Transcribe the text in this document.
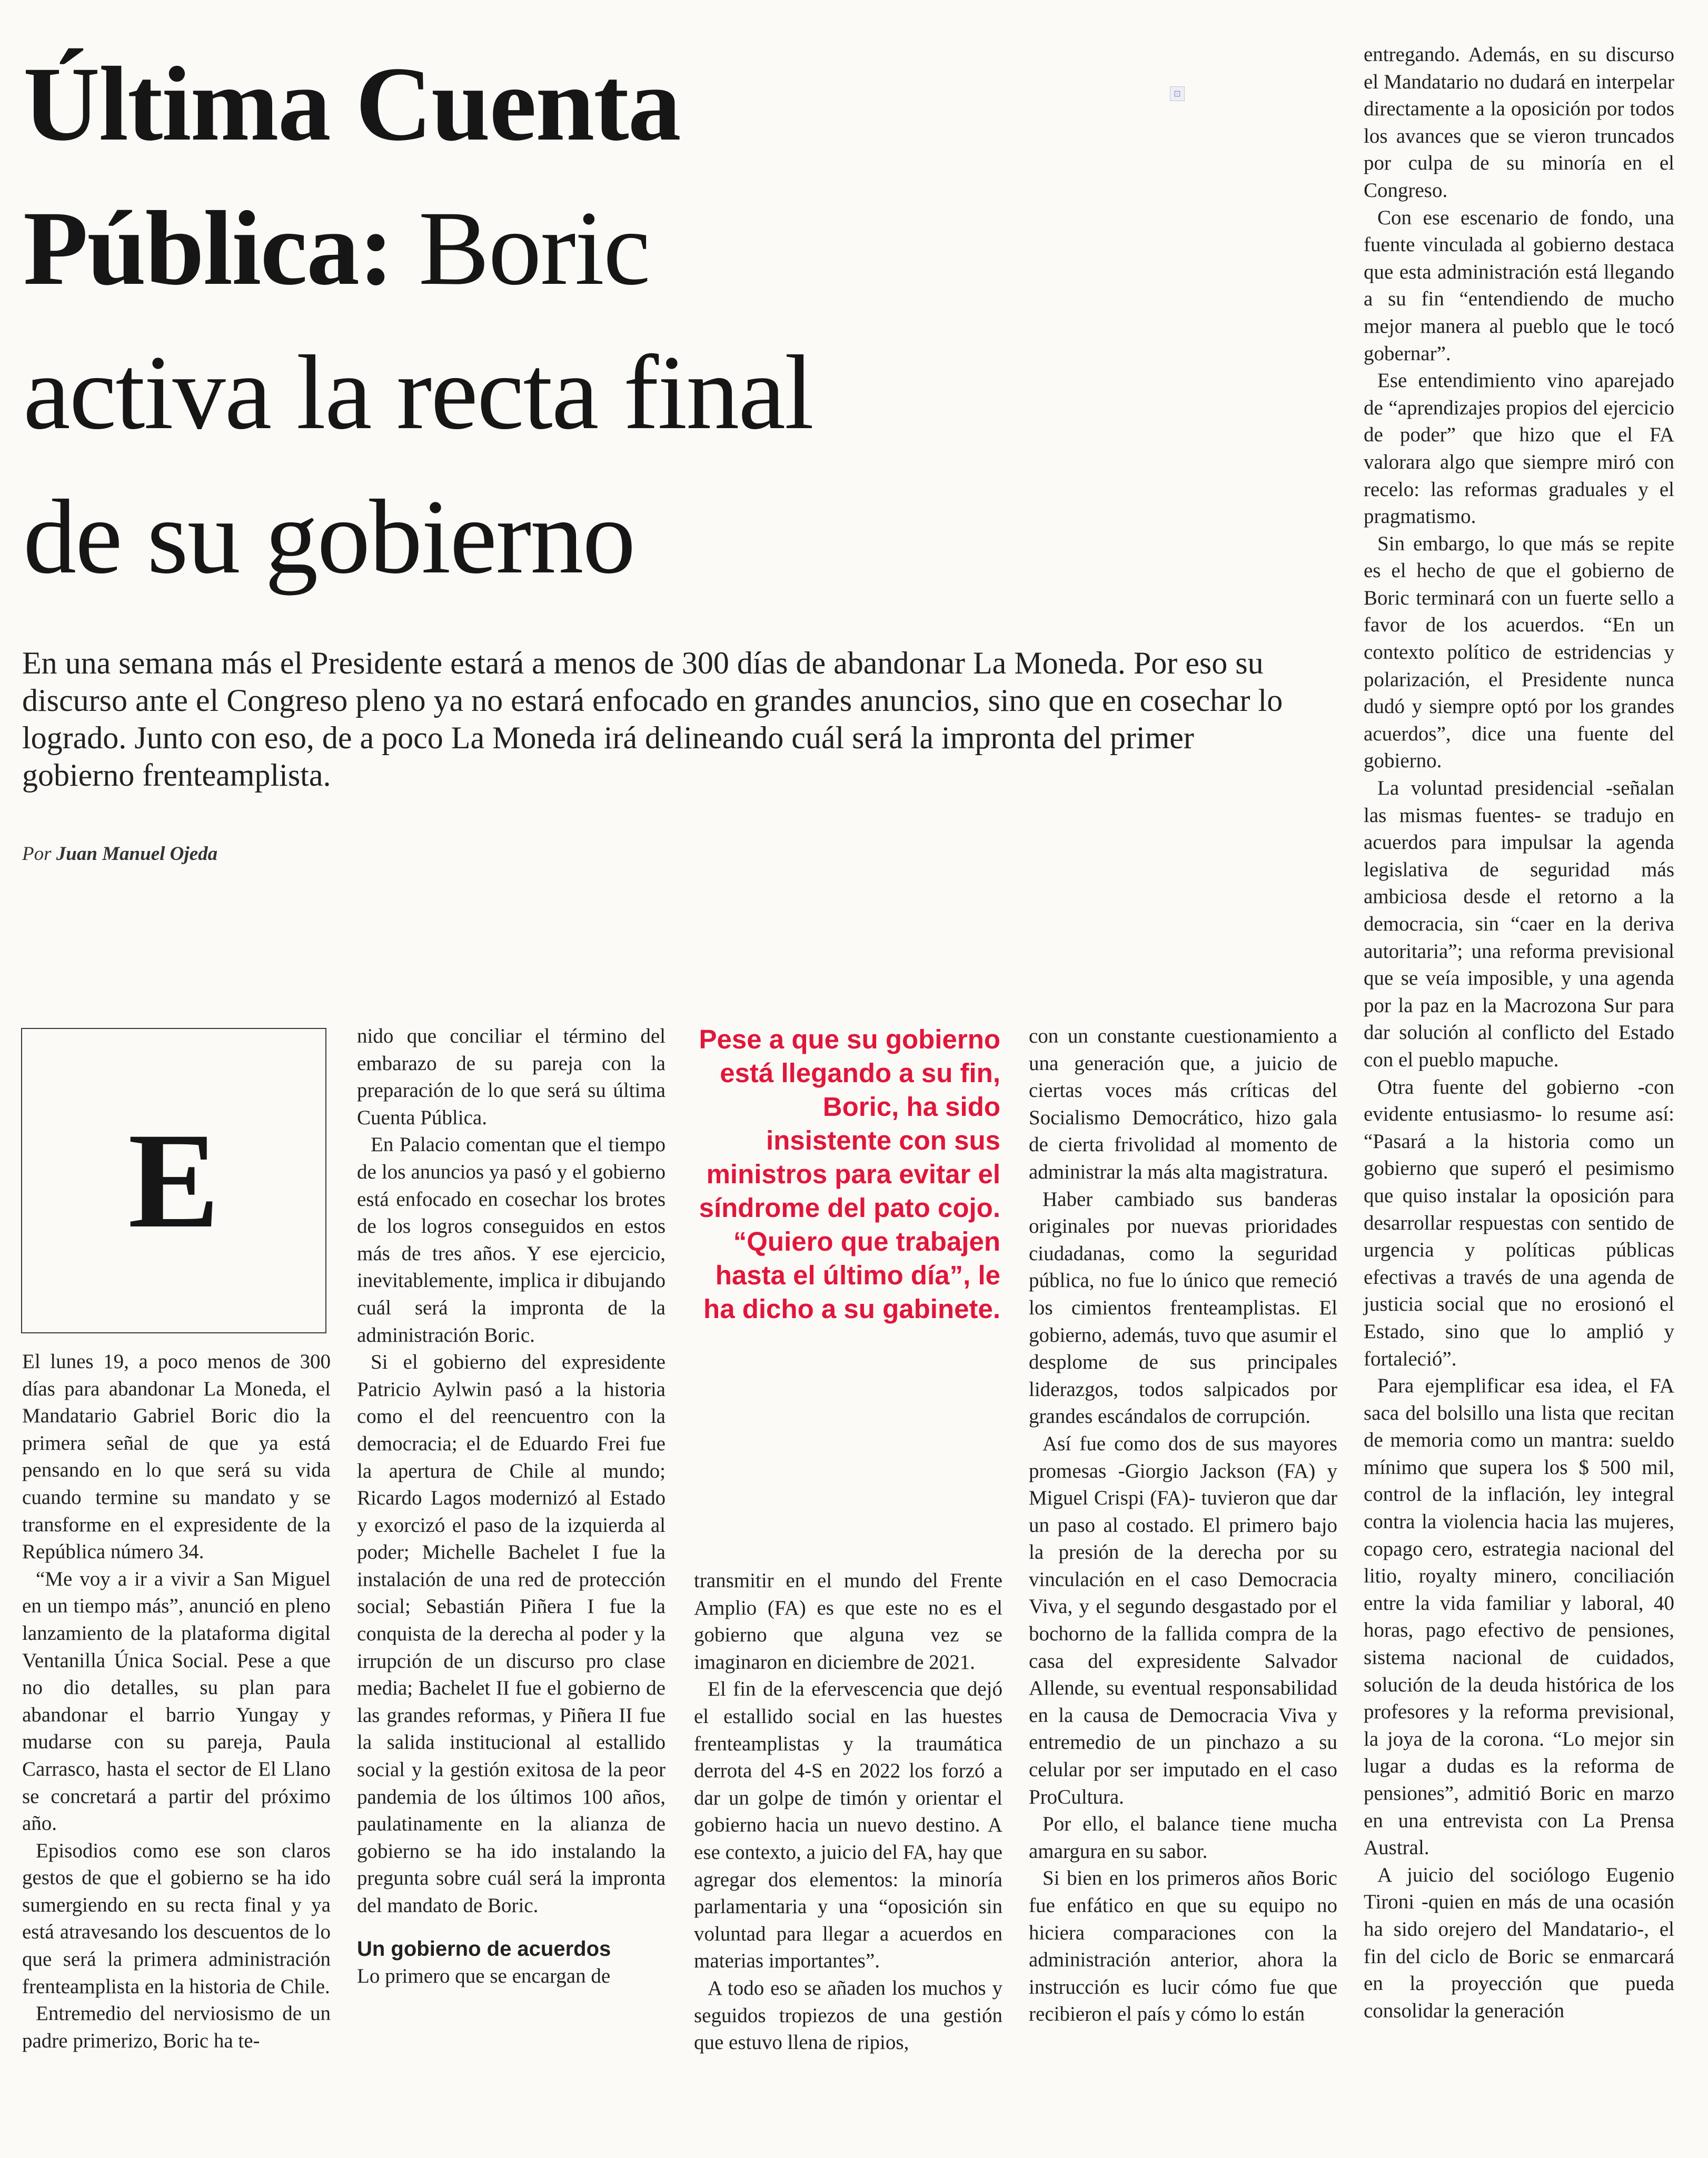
⊡
Última Cuenta
Pública: Boric
activa la recta final
de su gobierno
En una semana más el Presidente estará a menos de 300 días de abandonar La Moneda. Por eso su discurso ante el Congreso pleno ya no estará enfocado en grandes anuncios, sino que en cosechar lo logrado. Junto con eso, de a poco La Moneda irá delineando cuál será la impronta del primer gobierno frenteamplista.
Por Juan Manuel Ojeda
E

El lunes 19, a poco menos de 300 días para abandonar La Moneda, el Mandatario Gabriel Boric dio la primera señal de que ya está pensando en lo que será su vida cuando termine su mandato y se transforme en el expresidente de la República número 34.

“Me voy a ir a vivir a San Miguel en un tiempo más”, anunció en pleno lanzamiento de la plataforma digital Ventanilla Única Social. Pese a que no dio detalles, su plan para abandonar el barrio Yungay y mudarse con su pareja, Paula Carrasco, hasta el sector de El Llano se concretará a partir del próximo año.

Episodios como ese son claros gestos de que el gobierno se ha ido sumergiendo en su recta final y ya está atravesando los descuentos de lo que será la primera administración frenteamplista en la historia de Chile.

Entremedio del nerviosismo de un padre primerizo, Boric ha te-

nido que conciliar el término del embarazo de su pareja con la preparación de lo que será su última Cuenta Pública.

En Palacio comentan que el tiempo de los anuncios ya pasó y el gobierno está enfocado en cosechar los brotes de los logros conseguidos en estos más de tres años. Y ese ejercicio, inevitablemente, implica ir dibujando cuál será la impronta de la administración Boric.

Si el gobierno del expresidente Patricio Aylwin pasó a la historia como el del reencuentro con la democracia; el de Eduardo Frei fue la apertura de Chile al mundo; Ricardo Lagos modernizó al Estado y exorcizó el paso de la izquierda al poder; Michelle Bachelet I fue la instalación de una red de protección social; Sebastián Piñera I fue la conquista de la derecha al poder y la irrupción de un discurso pro clase media; Bachelet II fue el gobierno de las grandes reformas, y Piñera II fue la salida institucional al estallido social y la gestión exitosa de la peor pandemia de los últimos 100 años, paulatinamente en la alianza de gobierno se ha ido instalando la pregunta sobre cuál será la impronta del mandato de Boric.

Un gobierno de acuerdos

Lo primero que se encargan de

Pese a que su gobierno está llegando a su fin, Boric, ha sido insistente con sus ministros para evitar el síndrome del pato cojo. “Quiero que trabajen hasta el último día”, le ha dicho a su gabinete.

transmitir en el mundo del Frente Amplio (FA) es que este no es el gobierno que alguna vez se imaginaron en diciembre de 2021.

El fin de la efervescencia que dejó el estallido social en las huestes frenteamplistas y la traumática derrota del 4-S en 2022 los forzó a dar un golpe de timón y orientar el gobierno hacia un nuevo destino. A ese contexto, a juicio del FA, hay que agregar dos elementos: la minoría parlamentaria y una “oposición sin voluntad para llegar a acuerdos en materias importantes”.

A todo eso se añaden los muchos y seguidos tropiezos de una gestión que estuvo llena de ripios,

con un constante cuestionamiento a una generación que, a juicio de ciertas voces más críticas del Socialismo Democrático, hizo gala de cierta frivolidad al momento de administrar la más alta magistratura.

Haber cambiado sus banderas originales por nuevas prioridades ciudadanas, como la seguridad pública, no fue lo único que remeció los cimientos frenteamplistas. El gobierno, además, tuvo que asumir el desplome de sus principales liderazgos, todos salpicados por grandes escándalos de corrupción.

Así fue como dos de sus mayores promesas -Giorgio Jackson (FA) y Miguel Crispi (FA)- tuvieron que dar un paso al costado. El primero bajo la presión de la derecha por su vinculación en el caso Democracia Viva, y el segundo desgastado por el bochorno de la fallida compra de la casa del expresidente Salvador Allende, su eventual responsabilidad en la causa de Democracia Viva y entremedio de un pinchazo a su celular por ser imputado en el caso ProCultura.

Por ello, el balance tiene mucha amargura en su sabor.

Si bien en los primeros años Boric fue enfático en que su equipo no hiciera comparaciones con la administración anterior, ahora la instrucción es lucir cómo fue que recibieron el país y cómo lo están

entregando. Además, en su discurso el Mandatario no dudará en interpelar directamente a la oposición por todos los avances que se vieron truncados por culpa de su minoría en el Congreso.

Con ese escenario de fondo, una fuente vinculada al gobierno destaca que esta administración está llegando a su fin “entendiendo de mucho mejor manera al pueblo que le tocó gobernar”.

Ese entendimiento vino aparejado de “aprendizajes propios del ejercicio de poder” que hizo que el FA valorara algo que siempre miró con recelo: las reformas graduales y el pragmatismo.

Sin embargo, lo que más se repite es el hecho de que el gobierno de Boric terminará con un fuerte sello a favor de los acuerdos. “En un contexto político de estridencias y polarización, el Presidente nunca dudó y siempre optó por los grandes acuerdos”, dice una fuente del gobierno.

La voluntad presidencial -señalan las mismas fuentes- se tradujo en acuerdos para impulsar la agenda legislativa de seguridad más ambiciosa desde el retorno a la democracia, sin “caer en la deriva autoritaria”; una reforma previsional que se veía imposible, y una agenda por la paz en la Macrozona Sur para dar solución al conflicto del Estado con el pueblo mapuche.

Otra fuente del gobierno -con evidente entusiasmo- lo resume así: “Pasará a la historia como un gobierno que superó el pesimismo que quiso instalar la oposición para desarrollar respuestas con sentido de urgencia y políticas públicas efectivas a través de una agenda de justicia social que no erosionó el Estado, sino que lo amplió y fortaleció”.

Para ejemplificar esa idea, el FA saca del bolsillo una lista que recitan de memoria como un mantra: sueldo mínimo que supera los $ 500 mil, control de la inflación, ley integral contra la violencia hacia las mujeres, copago cero, estrategia nacional del litio, royalty minero, conciliación entre la vida familiar y laboral, 40 horas, pago efectivo de pensiones, sistema nacional de cuidados, solución de la deuda histórica de los profesores y la reforma previsional, la joya de la corona. “Lo mejor sin lugar a dudas es la reforma de pensiones”, admitió Boric en marzo en una entrevista con La Prensa Austral.

A juicio del sociólogo Eugenio Tironi -quien en más de una ocasión ha sido orejero del Mandatario-, el fin del ciclo de Boric se enmarcará en la proyección que pueda consolidar la generación
